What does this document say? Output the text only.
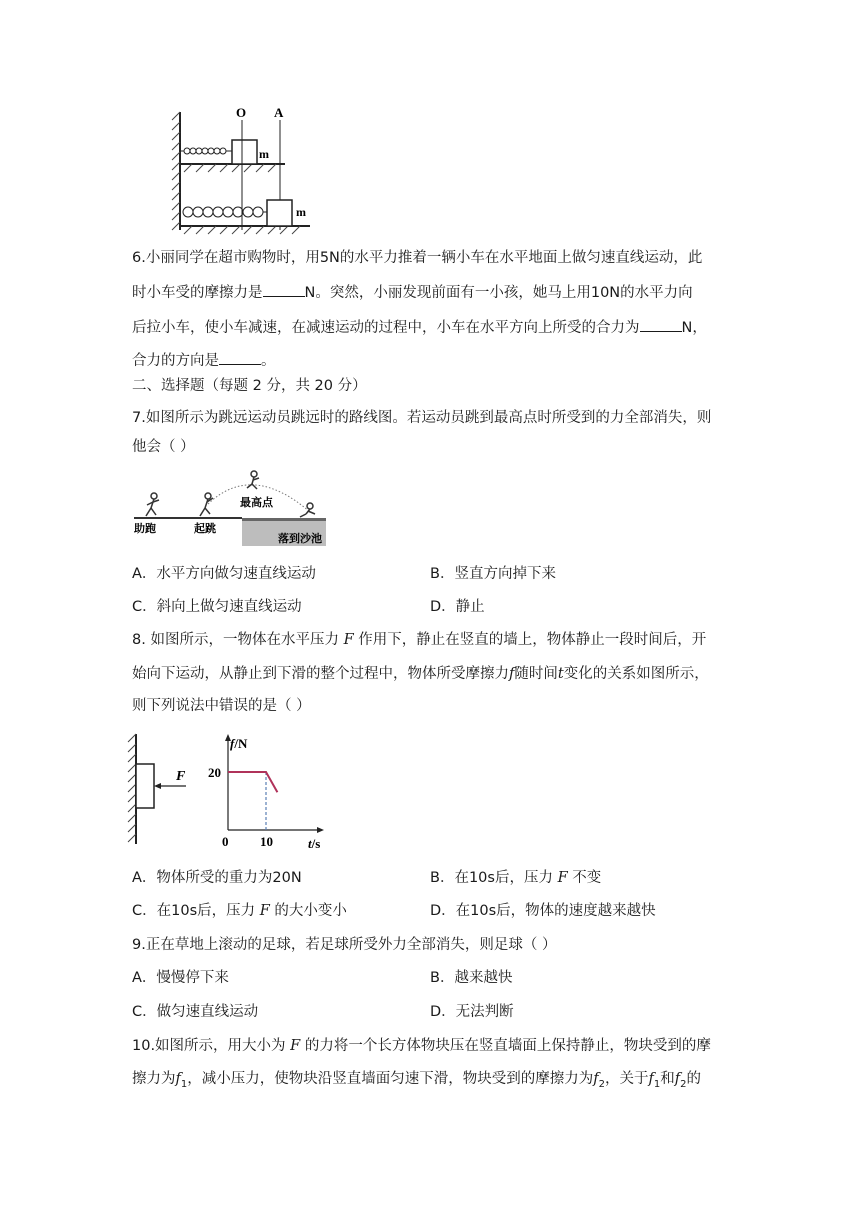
m
O A
m
6.小丽同学在超市购物时，用5N的水平力推着一辆小车在水平地面上做匀速直线运动，此
时小车受的摩擦力是	N。突然，小丽发现前面有一小孩，她马上用10N的水平力向
后拉小车，使小车减速，在减速运动的过程中，小车在水平方向上所受的合力为	N，
合力的方向是	。
二、选择题（每题 2 分，共 20 分）
7.如图所示为跳远运动员跳远时的路线图。若运动员跳到最高点时所受到的力全部消失，则
他会（ ）
助跑	起跳
最高点
落到沙池
A．水平方向做匀速直线运动	B．竖直方向掉下来
C．斜向上做匀速直线运动	D．静止
8. 如图所示，一物体在水平压力 F 作用下，静止在竖直的墙上，物体静止一段时间后，开
始向下运动，从静止到下滑的整个过程中，物体所受摩擦力f随时间t变化的关系如图所示，
则下列说法中错误的是（ ）
F
f/N
20
0 10	t/s
A．物体所受的重力为20N	B．在10s后，压力 F 不变
C．在10s后，压力 F 的大小变小	D．在10s后，物体的速度越来越快
9.正在草地上滚动的足球，若足球所受外力全部消失，则足球（ ）
A．慢慢停下来	B．越来越快
C．做匀速直线运动	D．无法判断
10.如图所示，用大小为 F 的力将一个长方体物块压在竖直墙面上保持静止，物块受到的摩
擦力为$f_1$，减小压力，使物块沿竖直墙面匀速下滑，物块受到的摩擦力为$f_2$，关于$f_1$和$f_2$的
